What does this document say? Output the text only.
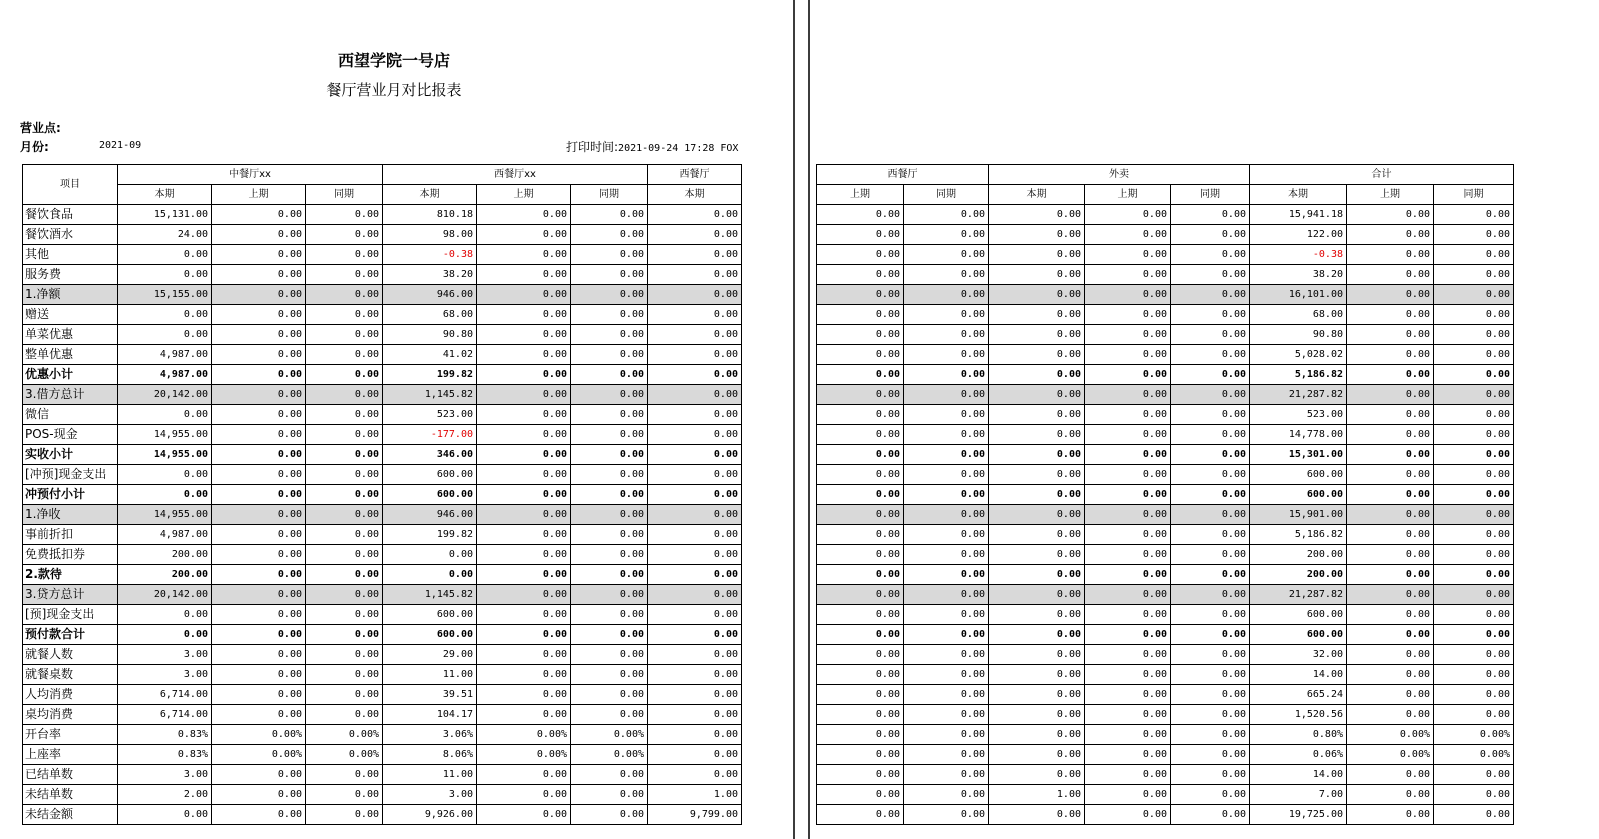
西望学院一号店
餐厅营业月对比报表
营业点:
月份:	2021-09	打印时间:2021-09-24 17:28 FOX
项目	中餐厅xx			西餐厅xx			西餐厅
	本期	上期	同期	本期	上期	同期	本期
餐饮食品	15,131.00	0.00	0.00	810.18	0.00	0.00	0.00
餐饮酒水	24.00	0.00	0.00	98.00	0.00	0.00	0.00
其他	0.00	0.00	0.00	-0.38	0.00	0.00	0.00
服务费	0.00	0.00	0.00	38.20	0.00	0.00	0.00
1.净额	15,155.00	0.00	0.00	946.00	0.00	0.00	0.00
赠送	0.00	0.00	0.00	68.00	0.00	0.00	0.00
单菜优惠	0.00	0.00	0.00	90.80	0.00	0.00	0.00
整单优惠	4,987.00	0.00	0.00	41.02	0.00	0.00	0.00
优惠小计	4,987.00	0.00	0.00	199.82	0.00	0.00	0.00
3.借方总计	20,142.00	0.00	0.00	1,145.82	0.00	0.00	0.00
微信	0.00	0.00	0.00	523.00	0.00	0.00	0.00
POS-现金	14,955.00	0.00	0.00	-177.00	0.00	0.00	0.00
实收小计	14,955.00	0.00	0.00	346.00	0.00	0.00	0.00
[冲预]现金支出	0.00	0.00	0.00	600.00	0.00	0.00	0.00
冲预付小计	0.00	0.00	0.00	600.00	0.00	0.00	0.00
1.净收	14,955.00	0.00	0.00	946.00	0.00	0.00	0.00
事前折扣	4,987.00	0.00	0.00	199.82	0.00	0.00	0.00
免费抵扣券	200.00	0.00	0.00	0.00	0.00	0.00	0.00
2.款待	200.00	0.00	0.00	0.00	0.00	0.00	0.00
3.贷方总计	20,142.00	0.00	0.00	1,145.82	0.00	0.00	0.00
[预]现金支出	0.00	0.00	0.00	600.00	0.00	0.00	0.00
预付款合计	0.00	0.00	0.00	600.00	0.00	0.00	0.00
就餐人数	3.00	0.00	0.00	29.00	0.00	0.00	0.00
就餐桌数	3.00	0.00	0.00	11.00	0.00	0.00	0.00
人均消费	6,714.00	0.00	0.00	39.51	0.00	0.00	0.00
桌均消费	6,714.00	0.00	0.00	104.17	0.00	0.00	0.00
开台率	0.83%	0.00%	0.00%	3.06%	0.00%	0.00%	0.00
上座率	0.83%	0.00%	0.00%	8.06%	0.00%	0.00%	0.00
已结单数	3.00	0.00	0.00	11.00	0.00	0.00	0.00
未结单数	2.00	0.00	0.00	3.00	0.00	0.00	1.00
未结金额	0.00	0.00	0.00	9,926.00	0.00	0.00	9,799.00
西餐厅		外卖			合计		
上期	同期	本期	上期	同期	本期	上期	同期
0.00	0.00	0.00	0.00	0.00	15,941.18	0.00	0.00
0.00	0.00	0.00	0.00	0.00	122.00	0.00	0.00
0.00	0.00	0.00	0.00	0.00	-0.38	0.00	0.00
0.00	0.00	0.00	0.00	0.00	38.20	0.00	0.00
0.00	0.00	0.00	0.00	0.00	16,101.00	0.00	0.00
0.00	0.00	0.00	0.00	0.00	68.00	0.00	0.00
0.00	0.00	0.00	0.00	0.00	90.80	0.00	0.00
0.00	0.00	0.00	0.00	0.00	5,028.02	0.00	0.00
0.00	0.00	0.00	0.00	0.00	5,186.82	0.00	0.00
0.00	0.00	0.00	0.00	0.00	21,287.82	0.00	0.00
0.00	0.00	0.00	0.00	0.00	523.00	0.00	0.00
0.00	0.00	0.00	0.00	0.00	14,778.00	0.00	0.00
0.00	0.00	0.00	0.00	0.00	15,301.00	0.00	0.00
0.00	0.00	0.00	0.00	0.00	600.00	0.00	0.00
0.00	0.00	0.00	0.00	0.00	600.00	0.00	0.00
0.00	0.00	0.00	0.00	0.00	15,901.00	0.00	0.00
0.00	0.00	0.00	0.00	0.00	5,186.82	0.00	0.00
0.00	0.00	0.00	0.00	0.00	200.00	0.00	0.00
0.00	0.00	0.00	0.00	0.00	200.00	0.00	0.00
0.00	0.00	0.00	0.00	0.00	21,287.82	0.00	0.00
0.00	0.00	0.00	0.00	0.00	600.00	0.00	0.00
0.00	0.00	0.00	0.00	0.00	600.00	0.00	0.00
0.00	0.00	0.00	0.00	0.00	32.00	0.00	0.00
0.00	0.00	0.00	0.00	0.00	14.00	0.00	0.00
0.00	0.00	0.00	0.00	0.00	665.24	0.00	0.00
0.00	0.00	0.00	0.00	0.00	1,520.56	0.00	0.00
0.00	0.00	0.00	0.00	0.00	0.80%	0.00%	0.00%
0.00	0.00	0.00	0.00	0.00	0.06%	0.00%	0.00%
0.00	0.00	0.00	0.00	0.00	14.00	0.00	0.00
0.00	0.00	1.00	0.00	0.00	7.00	0.00	0.00
0.00	0.00	0.00	0.00	0.00	19,725.00	0.00	0.00
